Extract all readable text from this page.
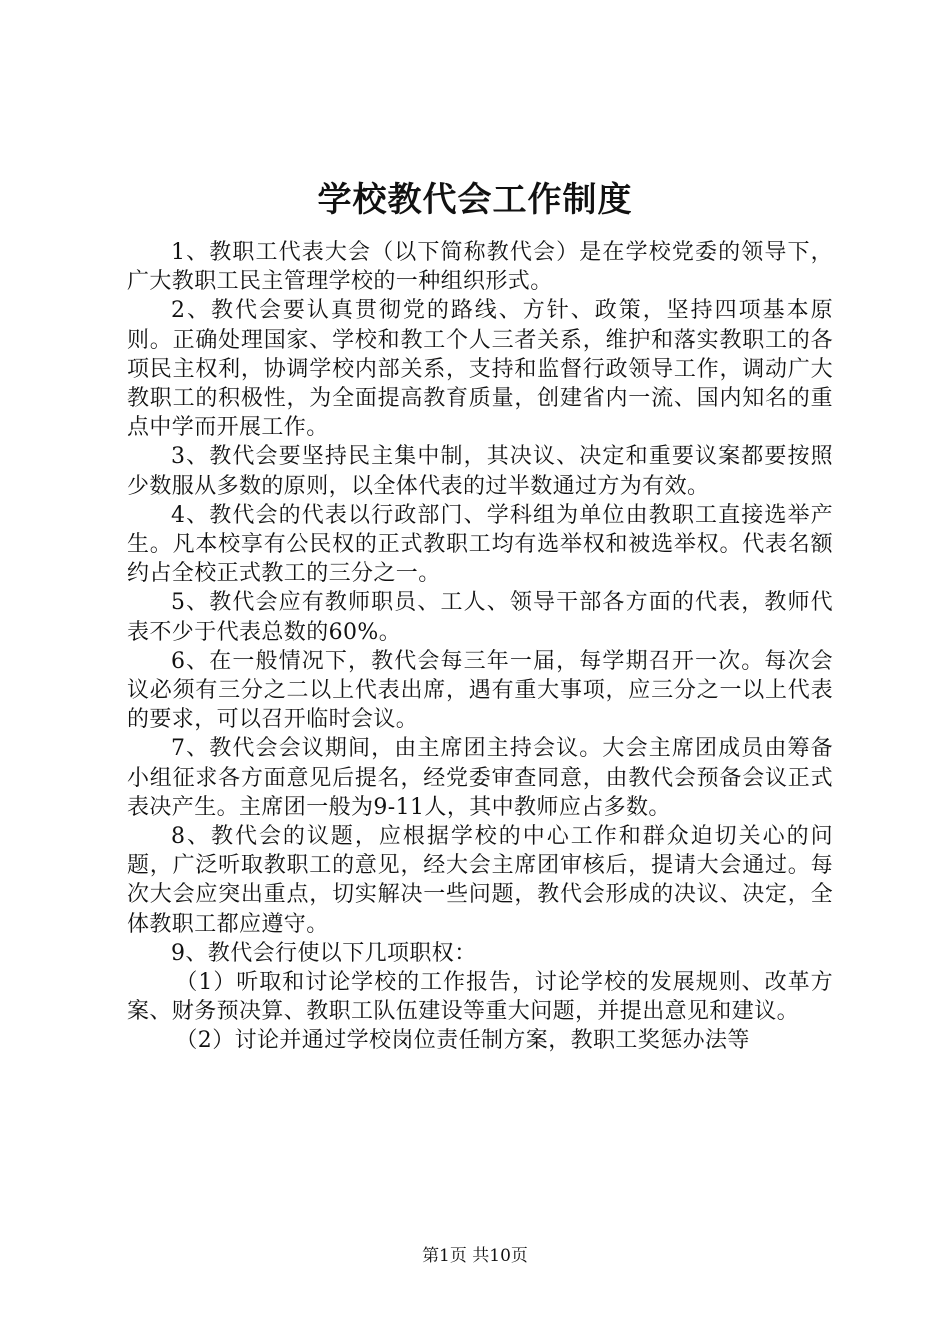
学校教代会工作制度

1、教职工代表大会（以下简称教代会）是在学校党委的领导下，广大教职工民主管理学校的一种组织形式。

2、教代会要认真贯彻党的路线、方针、政策，坚持四项基本原则。正确处理国家、学校和教工个人三者关系，维护和落实教职工的各项民主权利，协调学校内部关系，支持和监督行政领导工作，调动广大教职工的积极性，为全面提高教育质量，创建省内一流、国内知名的重点中学而开展工作。

3、教代会要坚持民主集中制，其决议、决定和重要议案都要按照少数服从多数的原则，以全体代表的过半数通过方为有效。

4、教代会的代表以行政部门、学科组为单位由教职工直接选举产生。凡本校享有公民权的正式教职工均有选举权和被选举权。代表名额约占全校正式教工的三分之一。

5、教代会应有教师职员、工人、领导干部各方面的代表，教师代表不少于代表总数的60%。

6、在一般情况下，教代会每三年一届，每学期召开一次。每次会议必须有三分之二以上代表出席，遇有重大事项，应三分之一以上代表的要求，可以召开临时会议。

7、教代会会议期间，由主席团主持会议。大会主席团成员由筹备小组征求各方面意见后提名，经党委审查同意，由教代会预备会议正式表决产生。主席团一般为9-11人，其中教师应占多数。

8、教代会的议题，应根据学校的中心工作和群众迫切关心的问题，广泛听取教职工的意见，经大会主席团审核后，提请大会通过。每次大会应突出重点，切实解决一些问题，教代会形成的决议、决定，全体教职工都应遵守。

9、教代会行使以下几项职权：

（1）听取和讨论学校的工作报告，讨论学校的发展规则、改革方案、财务预决算、教职工队伍建设等重大问题，并提出意见和建议。

（2）讨论并通过学校岗位责任制方案，教职工奖惩办法等

第1页 共10页
